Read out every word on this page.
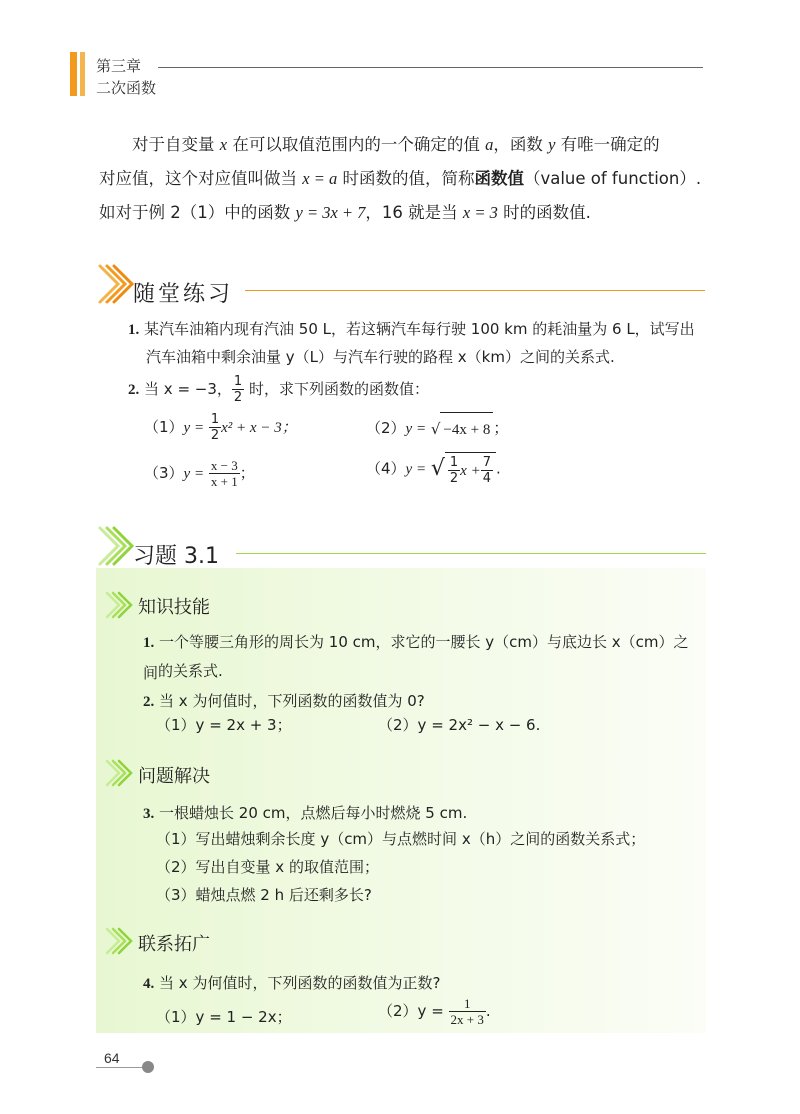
第三章
二次函数

对于自变量 x 在可以取值范围内的一个确定的值 a，函数 y 有唯一确定的

对应值，这个对应值叫做当 x = a 时函数的值，简称函数值（value of function）.

如对于例 2（1）中的函数 y = 3x + 7，16 就是当 x = 3 时的函数值.

随堂练习
1. 某汽车油箱内现有汽油 50 L，若这辆汽车每行驶 100 km 的耗油量为 6 L，试写出
汽车油箱中剩余油量 y（L）与汽车行驶的路程 x（km）之间的关系式.
2. 当 x = −3， $\frac{1}{2}$ 时，求下列函数的函数值：
$(1)y = \frac{1}{2} x^2 + x - 3$；	（2）y = √ −4x + 8 ；
$(3)y = \frac{x - 3}{x + 1}$ ；	（4）y = √ $\frac{1}{2}$ $x + \frac{7}{4}$ .
习题 3.1
知识技能
1. 一个等腰三角形的周长为 10 cm，求它的一腰长 y（cm）与底边长 x（cm）之间 的关系式.
2. 当 x 为何值时，下列函数的函数值为 0?
（1）y = 2x + 3；	（2）y = 2x² − x − 6.
问题解决
3. 一根蜡烛长 20 cm，点燃后每小时燃烧 5 cm.
（1）写出蜡烛剩余长度 y（cm）与点燃时间 x（h）之间的函数关系式；
（2）写出自变量 x 的取值范围；
（3）蜡烛点燃 2 h 后还剩多长?
联系拓广
4. 当 x 为何值时，下列函数的函数值为正数?
（1）y = 1 − 2x；	$(2)y = \frac{1}{2x + 3}$ .
64
